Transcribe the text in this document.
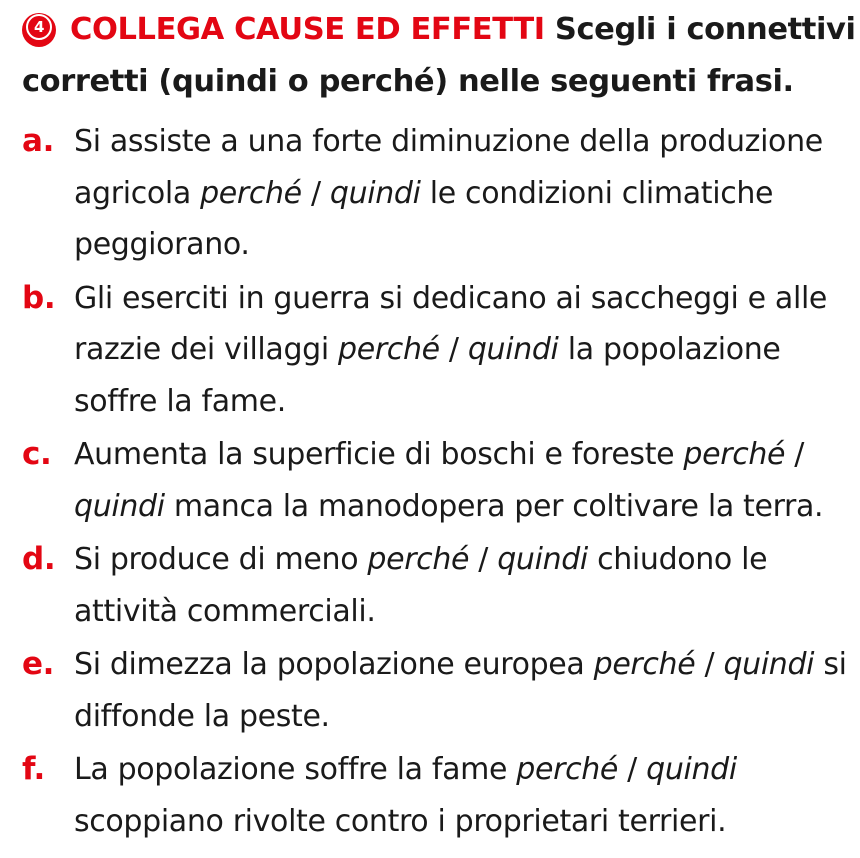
4 COLLEGA CAUSE ED EFFETTI Scegli i connettivi corretti (quindi o perché) nelle seguenti frasi.
a. Si assiste a una forte diminuzione della produzione agricola perché / quindi le condizioni climatiche peggiorano.
b. Gli eserciti in guerra si dedicano ai saccheggi e alle razzie dei villaggi perché / quindi la popolazione soffre la fame.
c. Aumenta la superficie di boschi e foreste perché / quindi manca la manodopera per coltivare la terra.
d. Si produce di meno perché / quindi chiudono le attività commerciali.
e. Si dimezza la popolazione europea perché / quindi si diffonde la peste.
f. La popolazione soffre la fame perché / quindi scoppiano rivolte contro i proprietari terrieri.
